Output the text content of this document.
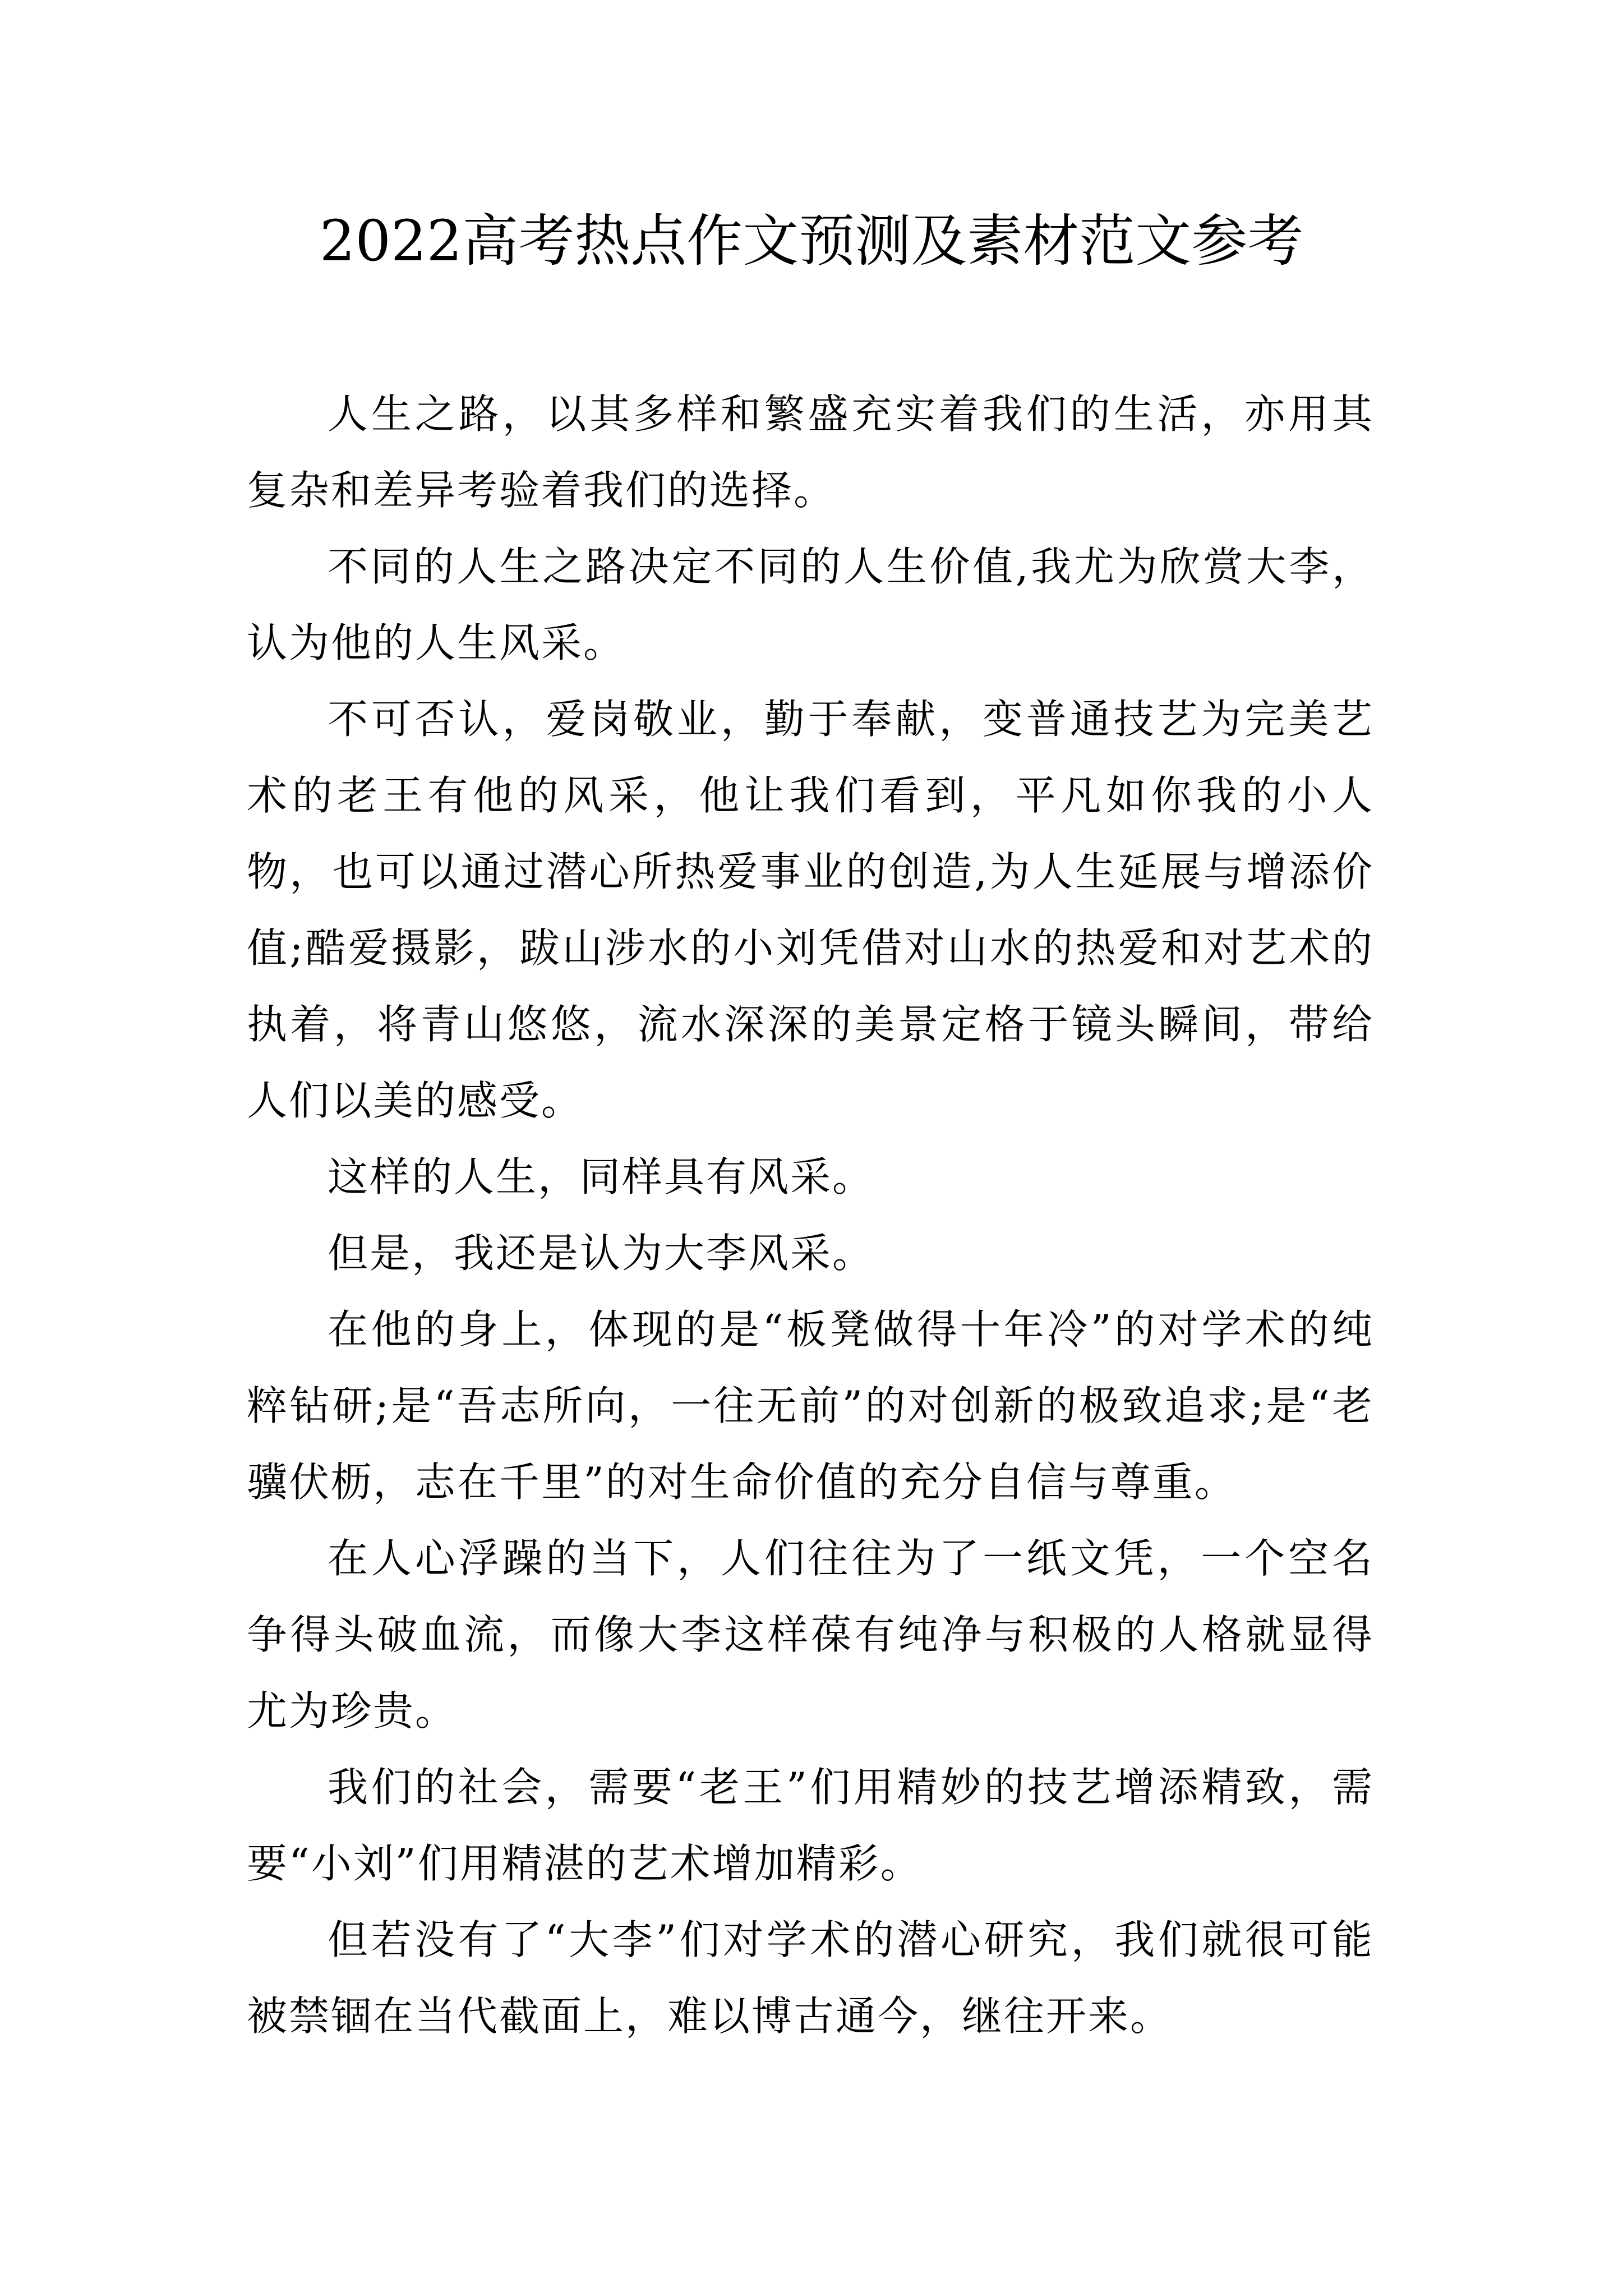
2022高考热点作文预测及素材范文参考

人生之路，以其多样和繁盛充实着我们的生活，亦用其复杂和差异考验着我们的选择。

不同的人生之路决定不同的人生价值,我尤为欣赏大李，认为他的人生风采。

不可否认，爱岗敬业，勤于奉献，变普通技艺为完美艺术的老王有他的风采，他让我们看到，平凡如你我的小人物，也可以通过潜心所热爱事业的创造,为人生延展与增添价值;酷爱摄影，跋山涉水的小刘凭借对山水的热爱和对艺术的执着，将青山悠悠，流水深深的美景定格于镜头瞬间，带给人们以美的感受。

这样的人生，同样具有风采。

但是，我还是认为大李风采。

在他的身上，体现的是“板凳做得十年冷”的对学术的纯粹钻研;是“吾志所向，一往无前”的对创新的极致追求;是“老骥伏枥，志在千里”的对生命价值的充分自信与尊重。

在人心浮躁的当下，人们往往为了一纸文凭，一个空名争得头破血流，而像大李这样葆有纯净与积极的人格就显得尤为珍贵。

我们的社会，需要“老王”们用精妙的技艺增添精致，需要“小刘”们用精湛的艺术增加精彩。

但若没有了“大李”们对学术的潜心研究，我们就很可能被禁锢在当代截面上，难以博古通今，继往开来。
